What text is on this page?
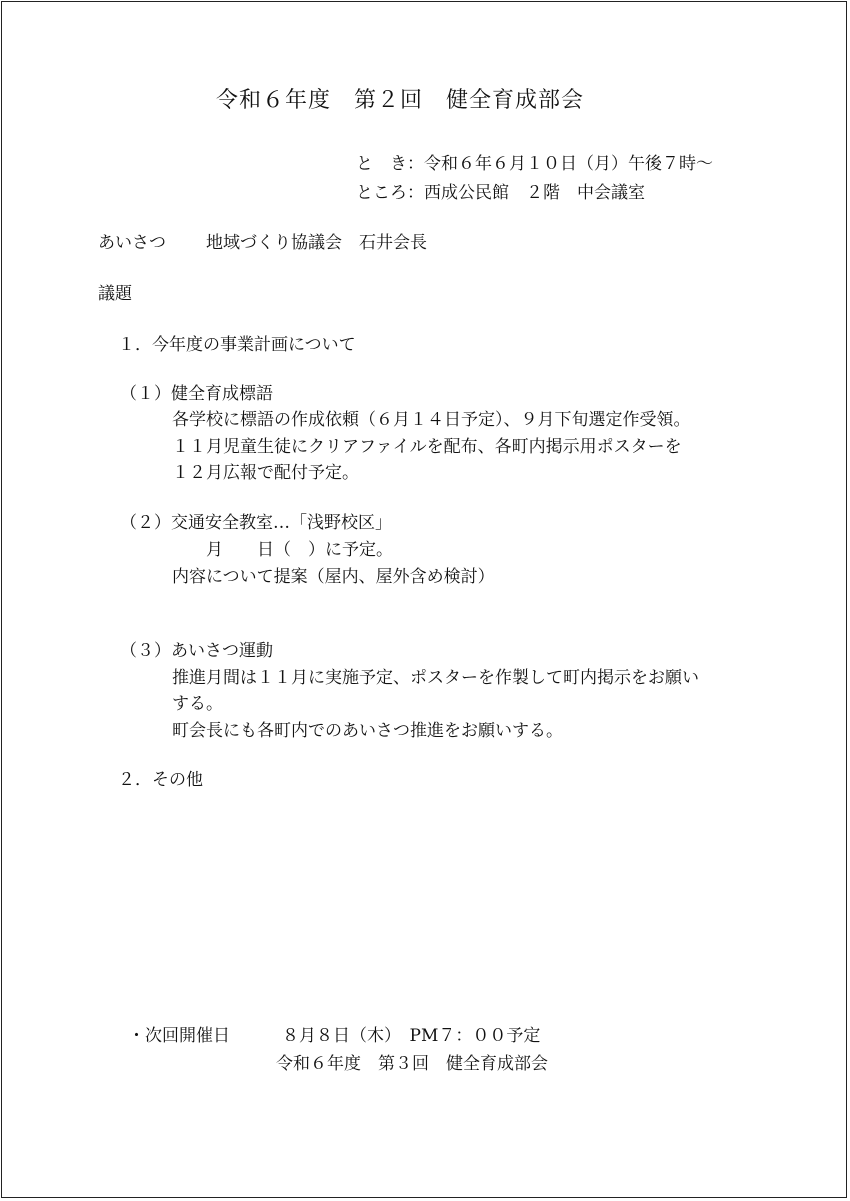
令和６年度　第２回　健全育成部会
と　き：令和６年６月１０日（月）午後７時～
ところ：西成公民館　２階　中会議室
あいさつ 地域づくり協議会　石井会長
議題
１．今年度の事業計画について
（１）健全育成標語
各学校に標語の作成依頼（６月１４日予定）、９月下旬選定作受領。
１１月児童生徒にクリアファイルを配布、各町内掲示用ポスターを
１２月広報で配付予定。
（２）交通安全教室…「浅野校区」
月　　日（　）に予定。
内容について提案（屋内、屋外含め検討）
（３）あいさつ運動
推進月間は１１月に実施予定、ポスターを作製して町内掲示をお願い
する。
町会長にも各町内でのあいさつ推進をお願いする。
２．その他
・次回開催日	８月８日（木）　PM７：００予定
令和６年度　第３回　健全育成部会
